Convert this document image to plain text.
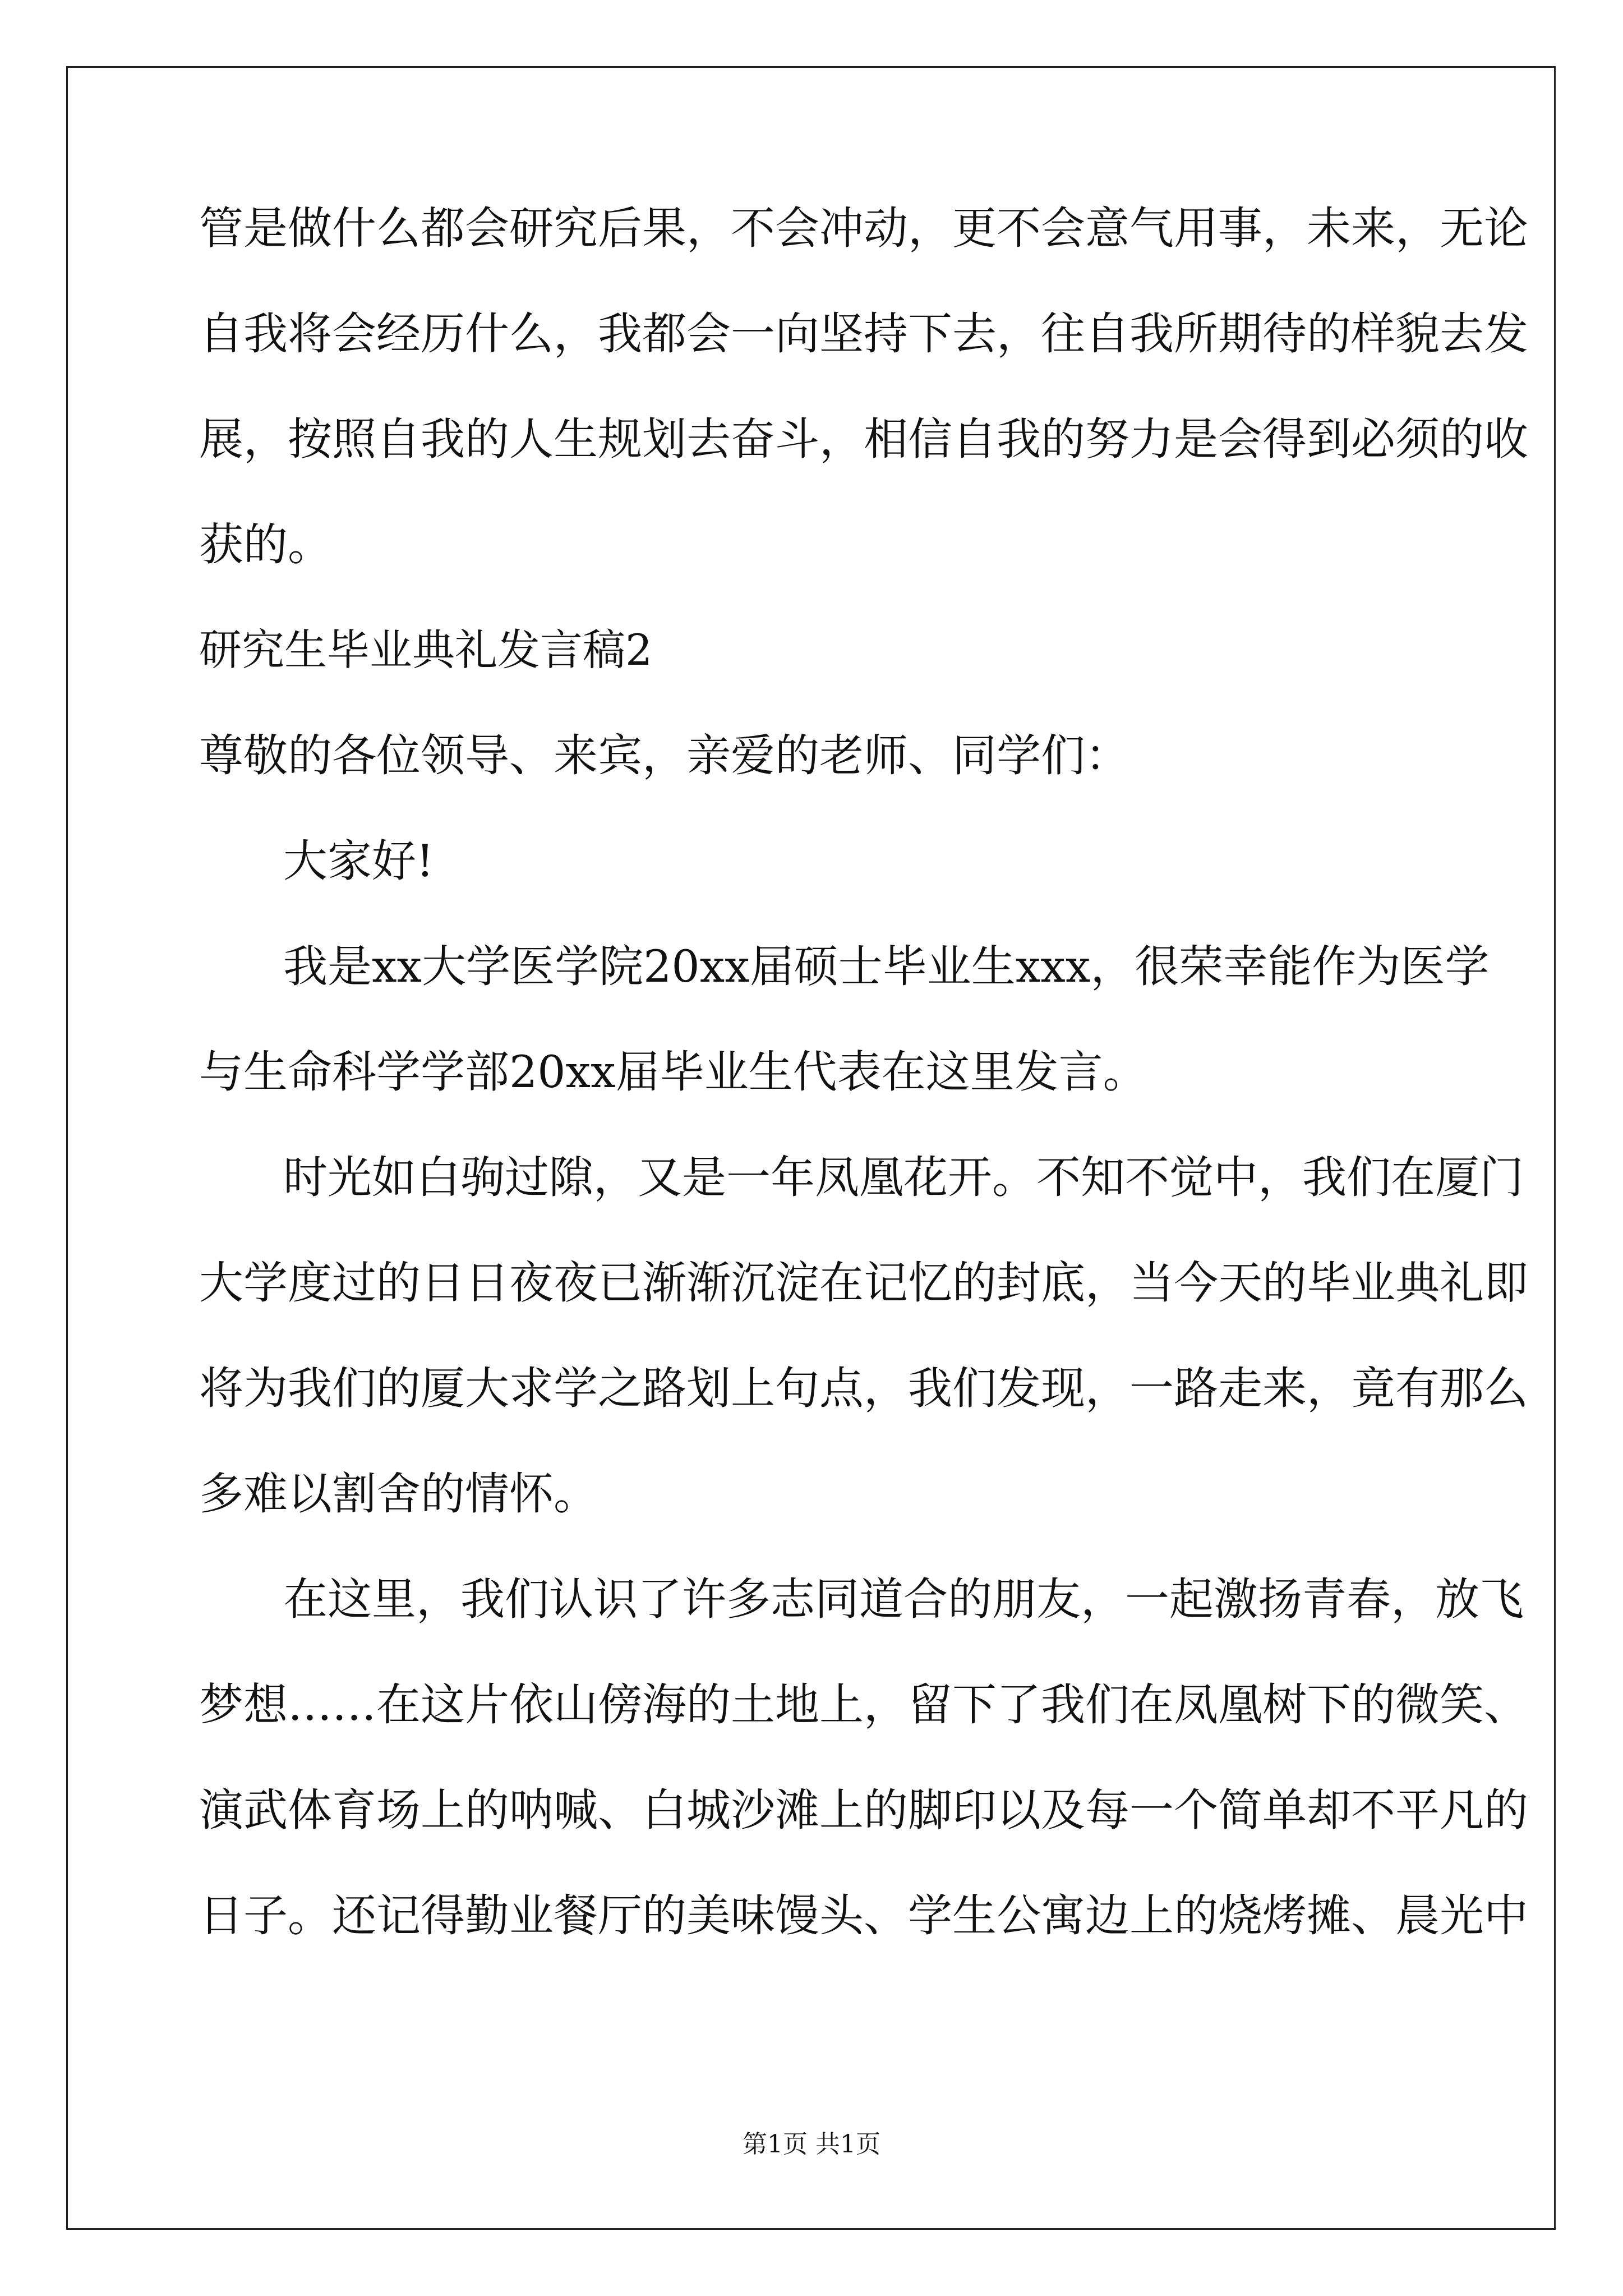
管是做什么都会研究后果，不会冲动，更不会意气用事，未来，无论

自我将会经历什么，我都会一向坚持下去，往自我所期待的样貌去发

展，按照自我的人生规划去奋斗，相信自我的努力是会得到必须的收

获的。

研究生毕业典礼发言稿2

尊敬的各位领导、来宾，亲爱的老师、同学们：

大家好!

我是xx大学医学院20xx届硕士毕业生xxx，很荣幸能作为医学

与生命科学学部20xx届毕业生代表在这里发言。

时光如白驹过隙，又是一年凤凰花开。不知不觉中，我们在厦门

大学度过的日日夜夜已渐渐沉淀在记忆的封底，当今天的毕业典礼即

将为我们的厦大求学之路划上句点，我们发现，一路走来，竟有那么

多难以割舍的情怀。

在这里，我们认识了许多志同道合的朋友，一起激扬青春，放飞

梦想……在这片依山傍海的土地上，留下了我们在凤凰树下的微笑、

演武体育场上的呐喊、白城沙滩上的脚印以及每一个简单却不平凡的

日子。还记得勤业餐厅的美味馒头、学生公寓边上的烧烤摊、晨光中

第1页 共1页
